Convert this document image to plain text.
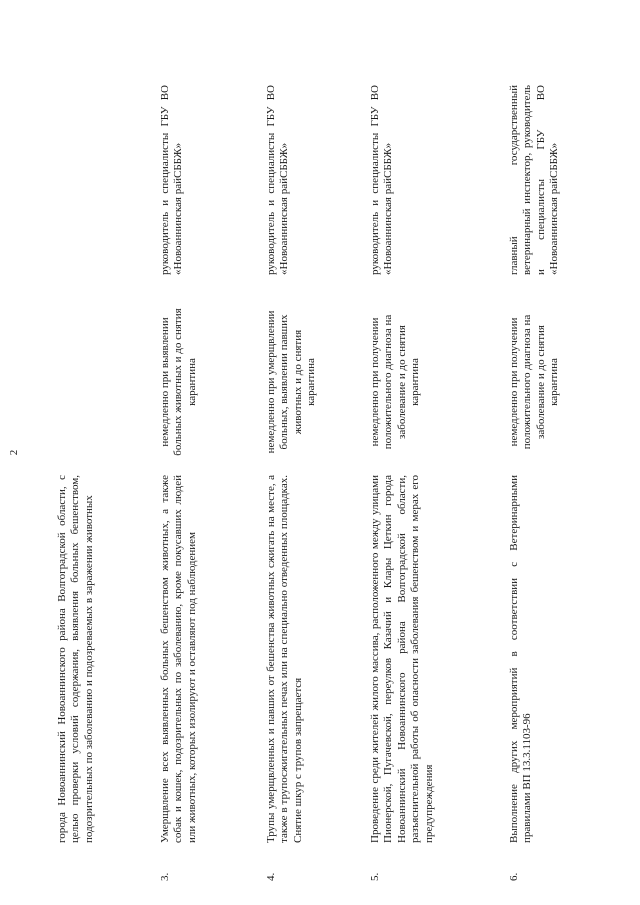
2
города Новоаннинский Новоаннинского района Волгоградской области, с целью проверки условий содержания, выявления больных бешенством, подозрительных по заболеванию и подозреваемых в заражении животных
3.
Умерщвление всех выявленных больных бешенством животных, а также собак и кошек, подозрительных по заболеванию, кроме покусавших людей или животных, которых изолируют и оставляют под наблюдением
немедленно при выявлении больных животных и до снятия карантина
руководитель и специалисты ГБУ ВО «Новоаннинская райСББЖ»
4.
Трупы умерщвленных и павших от бешенства животных сжигать на месте, а также в трупосжигательных печах или на специально отведенных площадках. Снятие шкур с трупов запрещается
немедленно при умерщвлении больных, выявлении павших животных и до снятия карантина
руководитель и специалисты ГБУ ВО «Новоаннинская райСББЖ»
5.
Проведение среди жителей жилого массива, расположенного между улицами Пионерской, Пугачевской, переулков Казачий и Клары Цеткин города Новоаннинский Новоаннинского района Волгоградской области, разъяснительной работы об опасности заболевания бешенством и мерах его предупреждения
немедленно при получении положительного диагноза на заболевание и до снятия карантина
руководитель и специалисты ГБУ ВО «Новоаннинская райСББЖ»
6.
Выполнение других мероприятий в соответствии с Ветеринарными правилами ВП 13.3.1103-96
немедленно при получении положительного диагноза на заболевание и до снятия карантина
главный государственный ветеринарный инспектор, руководитель и специалисты ГБУ ВО «Новоаннинская райСББЖ»
